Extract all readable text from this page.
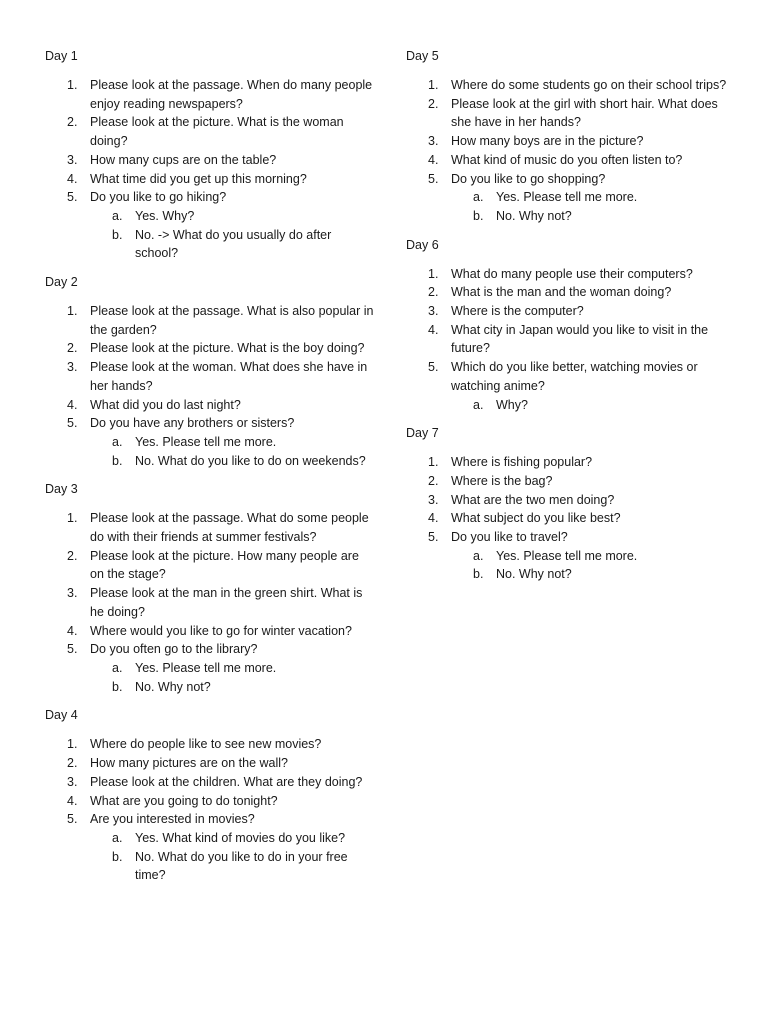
Day 1
1. Please look at the passage. When do many people enjoy reading newspapers?
2. Please look at the picture. What is the woman doing?
3. How many cups are on the table?
4. What time did you get up this morning?
5. Do you like to go hiking?
a. Yes. Why?
b. No. -> What do you usually do after school?
Day 2
1. Please look at the passage. What is also popular in the garden?
2. Please look at the picture. What is the boy doing?
3. Please look at the woman. What does she have in her hands?
4. What did you do last night?
5. Do you have any brothers or sisters?
a. Yes. Please tell me more.
b. No. What do you like to do on weekends?
Day 3
1. Please look at the passage. What do some people do with their friends at summer festivals?
2. Please look at the picture. How many people are on the stage?
3. Please look at the man in the green shirt. What is he doing?
4. Where would you like to go for winter vacation?
5. Do you often go to the library?
a. Yes. Please tell me more.
b. No. Why not?
Day 4
1. Where do people like to see new movies?
2. How many pictures are on the wall?
3. Please look at the children. What are they doing?
4. What are you going to do tonight?
5. Are you interested in movies?
a. Yes. What kind of movies do you like?
b. No. What do you like to do in your free time?
Day 5
1. Where do some students go on their school trips?
2. Please look at the girl with short hair. What does she have in her hands?
3. How many boys are in the picture?
4. What kind of music do you often listen to?
5. Do you like to go shopping?
a. Yes. Please tell me more.
b. No. Why not?
Day 6
1. What do many people use their computers?
2. What is the man and the woman doing?
3. Where is the computer?
4. What city in Japan would you like to visit in the future?
5. Which do you like better, watching movies or watching anime?
a. Why?
Day 7
1. Where is fishing popular?
2. Where is the bag?
3. What are the two men doing?
4. What subject do you like best?
5. Do you like to travel?
a. Yes. Please tell me more.
b. No. Why not?
